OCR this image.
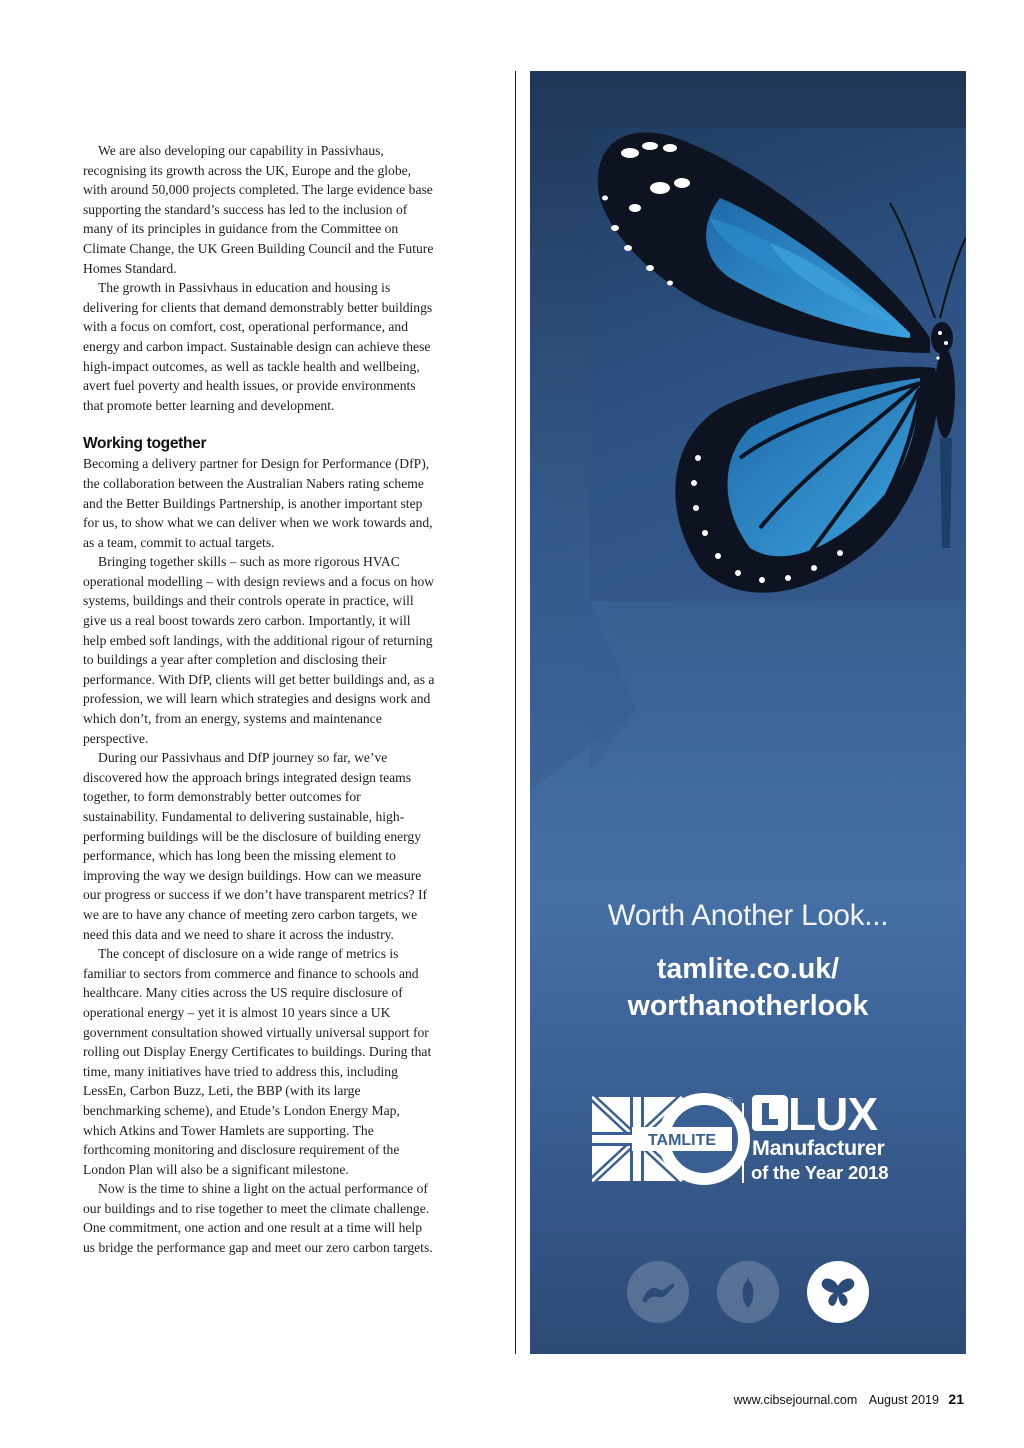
We are also developing our capability in Passivhaus, recognising its growth across the UK, Europe and the globe, with around 50,000 projects completed. The large evidence base supporting the standard’s success has led to the inclusion of many of its principles in guidance from the Committee on Climate Change, the UK Green Building Council and the Future Homes Standard.

The growth in Passivhaus in education and housing is delivering for clients that demand demonstrably better buildings with a focus on comfort, cost, operational performance, and energy and carbon impact. Sustainable design can achieve these high-impact outcomes, as well as tackle health and wellbeing, avert fuel poverty and health issues, or provide environments that promote better learning and development.

Working together

Becoming a delivery partner for Design for Performance (DfP), the collaboration between the Australian Nabers rating scheme and the Better Buildings Partnership, is another important step for us, to show what we can deliver when we work towards and, as a team, commit to actual targets.

Bringing together skills – such as more rigorous HVAC operational modelling – with design reviews and a focus on how systems, buildings and their controls operate in practice, will give us a real boost towards zero carbon. Importantly, it will help embed soft landings, with the additional rigour of returning to buildings a year after completion and disclosing their performance. With DfP, clients will get better buildings and, as a profession, we will learn which strategies and designs work and which don’t, from an energy, systems and maintenance perspective.

During our Passivhaus and DfP journey so far, we’ve discovered how the approach brings integrated design teams together, to form demonstrably better outcomes for sustainability. Fundamental to delivering sustainable, high-performing buildings will be the disclosure of building energy performance, which has long been the missing element to improving the way we design buildings. How can we measure our progress or success if we don’t have transparent metrics? If we are to have any chance of meeting zero carbon targets, we need this data and we need to share it across the industry.

The concept of disclosure on a wide range of metrics is familiar to sectors from commerce and finance to schools and healthcare. Many cities across the US require disclosure of operational energy – yet it is almost 10 years since a UK government consultation showed virtually universal support for rolling out Display Energy Certificates to buildings. During that time, many initiatives have tried to address this, including LessEn, Carbon Buzz, Leti, the BBP (with its large benchmarking scheme), and Etude’s London Energy Map, which Atkins and Tower Hamlets are supporting. The forthcoming monitoring and disclosure requirement of the London Plan will also be a significant milestone.

Now is the time to shine a light on the actual performance of our buildings and to rise together to meet the climate challenge. One commitment, one action and one result at a time will help us bridge the performance gap and meet our zero carbon targets.

Worth Another Look...
tamlite.co.uk/
worthanotherlook
TAMLITE
®	LUX
Manufacturer
of the Year 2018
www.cibsejournal.com August 2019 21
